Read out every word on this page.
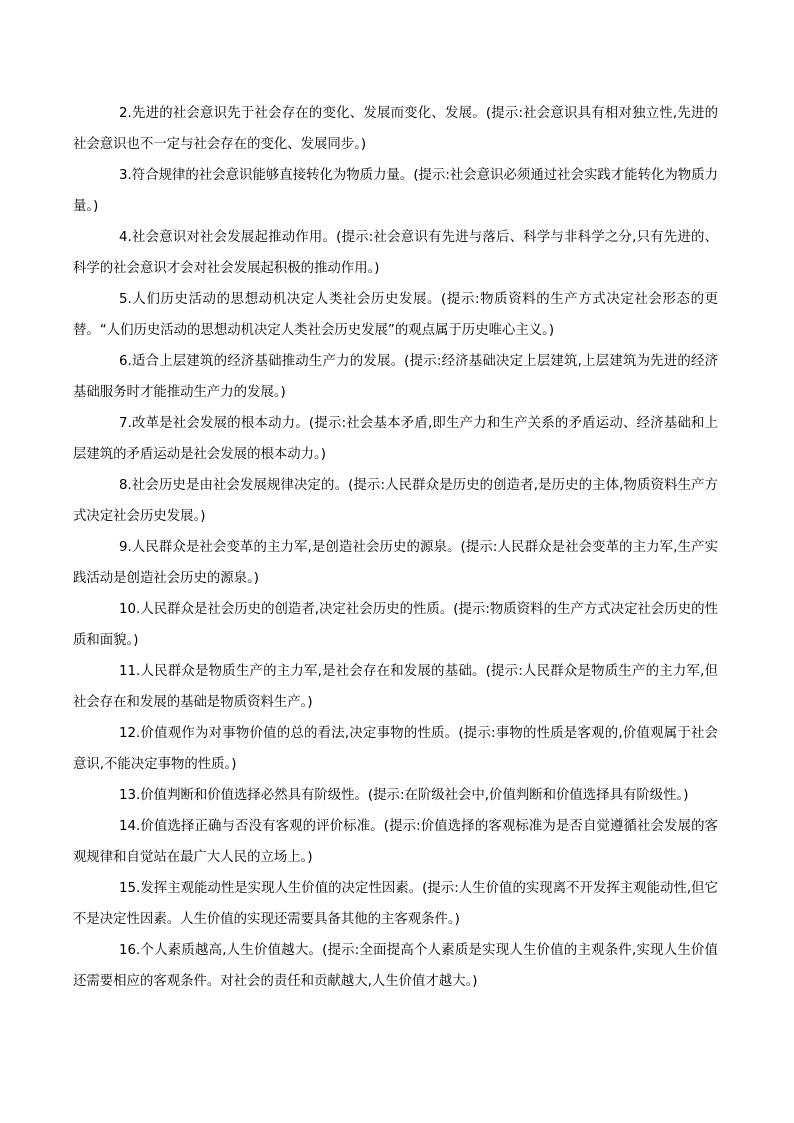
2.先进的社会意识先于社会存在的变化、发展而变化、发展。(提示:社会意识具有相对独立性,先进的社会意识也不一定与社会存在的变化、发展同步。)

3.符合规律的社会意识能够直接转化为物质力量。(提示:社会意识必须通过社会实践才能转化为物质力量。)

4.社会意识对社会发展起推动作用。(提示:社会意识有先进与落后、科学与非科学之分,只有先进的、科学的社会意识才会对社会发展起积极的推动作用。)

5.人们历史活动的思想动机决定人类社会历史发展。(提示:物质资料的生产方式决定社会形态的更替。“人们历史活动的思想动机决定人类社会历史发展”的观点属于历史唯心主义。)

6.适合上层建筑的经济基础推动生产力的发展。(提示:经济基础决定上层建筑,上层建筑为先进的经济基础服务时才能推动生产力的发展。)

7.改革是社会发展的根本动力。(提示:社会基本矛盾,即生产力和生产关系的矛盾运动、经济基础和上层建筑的矛盾运动是社会发展的根本动力。)

8.社会历史是由社会发展规律决定的。(提示:人民群众是历史的创造者,是历史的主体,物质资料生产方式决定社会历史发展。)

9.人民群众是社会变革的主力军,是创造社会历史的源泉。(提示:人民群众是社会变革的主力军,生产实践活动是创造社会历史的源泉。)

10.人民群众是社会历史的创造者,决定社会历史的性质。(提示:物质资料的生产方式决定社会历史的性质和面貌。)

11.人民群众是物质生产的主力军,是社会存在和发展的基础。(提示:人民群众是物质生产的主力军,但社会存在和发展的基础是物质资料生产。)

12.价值观作为对事物价值的总的看法,决定事物的性质。(提示:事物的性质是客观的,价值观属于社会意识,不能决定事物的性质。)

13.价值判断和价值选择必然具有阶级性。(提示:在阶级社会中,价值判断和价值选择具有阶级性。)

14.价值选择正确与否没有客观的评价标准。(提示:价值选择的客观标准为是否自觉遵循社会发展的客观规律和自觉站在最广大人民的立场上。)

15.发挥主观能动性是实现人生价值的决定性因素。(提示:人生价值的实现离不开发挥主观能动性,但它不是决定性因素。人生价值的实现还需要具备其他的主客观条件。)

16.个人素质越高,人生价值越大。(提示:全面提高个人素质是实现人生价值的主观条件,实现人生价值还需要相应的客观条件。对社会的责任和贡献越大,人生价值才越大。)
